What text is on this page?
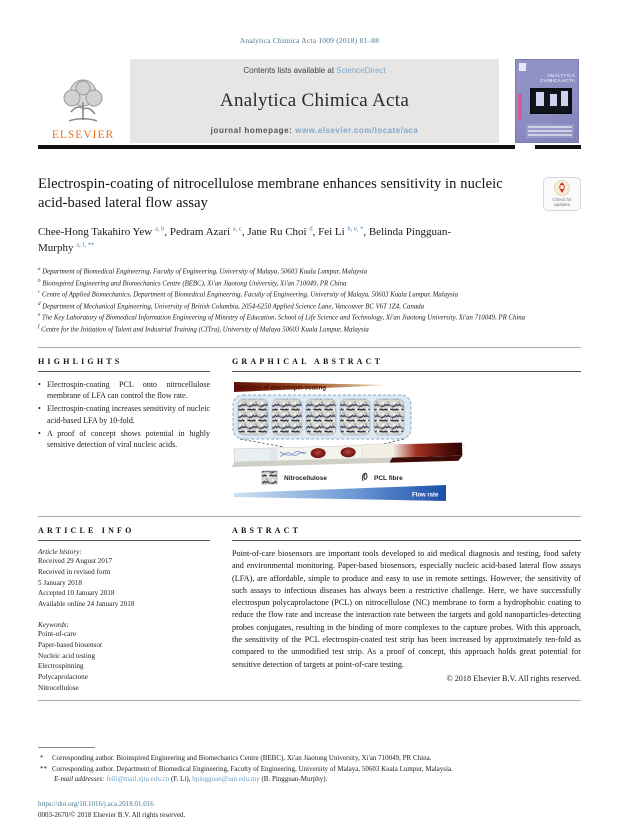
Analytica Chimica Acta 1009 (2018) 81–88
ELSEVIER
Contents lists available at ScienceDirect
Analytica Chimica Acta
journal homepage: www.elsevier.com/locate/aca
ANALYTICA CHIMICA ACTA
Electrospin-coating of nitrocellulose membrane enhances sensitivity in nucleic acid-based lateral flow assay	Check for updates
Chee-Hong Takahiro Yew $^{a, b}$, Pedram Azari $^{a, c}$, Jane Ru Choi $^d$, Fei Li $^{b, e, *}$, Belinda Pingguan-Murphy $^{a, f, **}$
$^a$ Department of Biomedical Engineering, Faculty of Engineering, University of Malaya, 50603 Kuala Lumpur, Malaysia
$^b$ Bioinspired Engineering and Biomechanics Centre (BEBC), Xi'an Jiaotong University, Xi'an 710049, PR China
$^c$ Centre of Applied Biomechanics, Department of Biomedical Engineering, Faculty of Engineering, University of Malaya, 50603 Kuala Lumpur, Malaysia
$^d$ Department of Mechanical Engineering, University of British Columbia, 2054-6250 Applied Science Lane, Vancouver BC V6T 1Z4, Canada
$^e$ The Key Laboratory of Biomedical Information Engineering of Ministry of Education, School of Life Science and Technology, Xi'an Jiaotong University, Xi'an 710049, PR China
$^f$ Centre for the Initiation of Talent and Industrial Training (CITra), University of Malaya 50603 Kuala Lumpur, Malaysia
HIGHLIGHTS
• Electrospin-coating PCL onto nitrocellulose membrane of LFA can control the flow rate.
• Electrospin-coating increases sensitivity of nucleic acid-based LFA by 10-fold.
• A proof of concept shows potential in highly sensitive detection of viral nucleic acids.
GRAPHICAL ABSTRACT
Duration of electrospin-coating
Nitrocellulose	PCL fibre
Flow rate
ARTICLE INFO
Article history:
Received 29 August 2017
Received in revised form
5 January 2018
Accepted 10 January 2018
Available online 24 January 2018
Keywords:
Point-of-care
Paper-based biosensor
Nucleic acid testing
Electrospinning
Polycaprolactone
Nitrocellulose
ABSTRACT
Point-of-care biosensors are important tools developed to aid medical diagnosis and testing, food safety and environmental monitoring. Paper-based biosensors, especially nucleic acid-based lateral flow assays (LFA), are affordable, simple to produce and easy to use in remote settings. However, the sensitivity of such assays to infectious diseases has always been a restrictive challenge. Here, we have successfully electrospun polycaprolactone (PCL) on nitrocellulose (NC) membrane to form a hydrophobic coating to reduce the flow rate and increase the interaction rate between the targets and gold nanoparticles-detecting probes conjugates, resulting in the binding of more complexes to the capture probes. With this approach, the sensitivity of the PCL electrospin-coated test strip has been increased by approximately ten-fold as compared to the unmodified test strip. As a proof of concept, this approach holds great potential for sensitive detection of targets at point-of-care testing.
© 2018 Elsevier B.V. All rights reserved.
*	Corresponding author. Bioinspired Engineering and Biomechanics Centre (BEBC), Xi'an Jiaotong University, Xi'an 710049, PR China.
** Corresponding author. Department of Biomedical Engineering, Faculty of Engineering, University of Malaya, 50603 Kuala Lumpur, Malaysia.
E-mail addresses: feili@mail.xjtu.edu.cn (F. Li), bpingguan@um.edu.my (B. Pingguan-Murphy).
https://doi.org/10.1016/j.aca.2018.01.016
0003-2670/© 2018 Elsevier B.V. All rights reserved.
